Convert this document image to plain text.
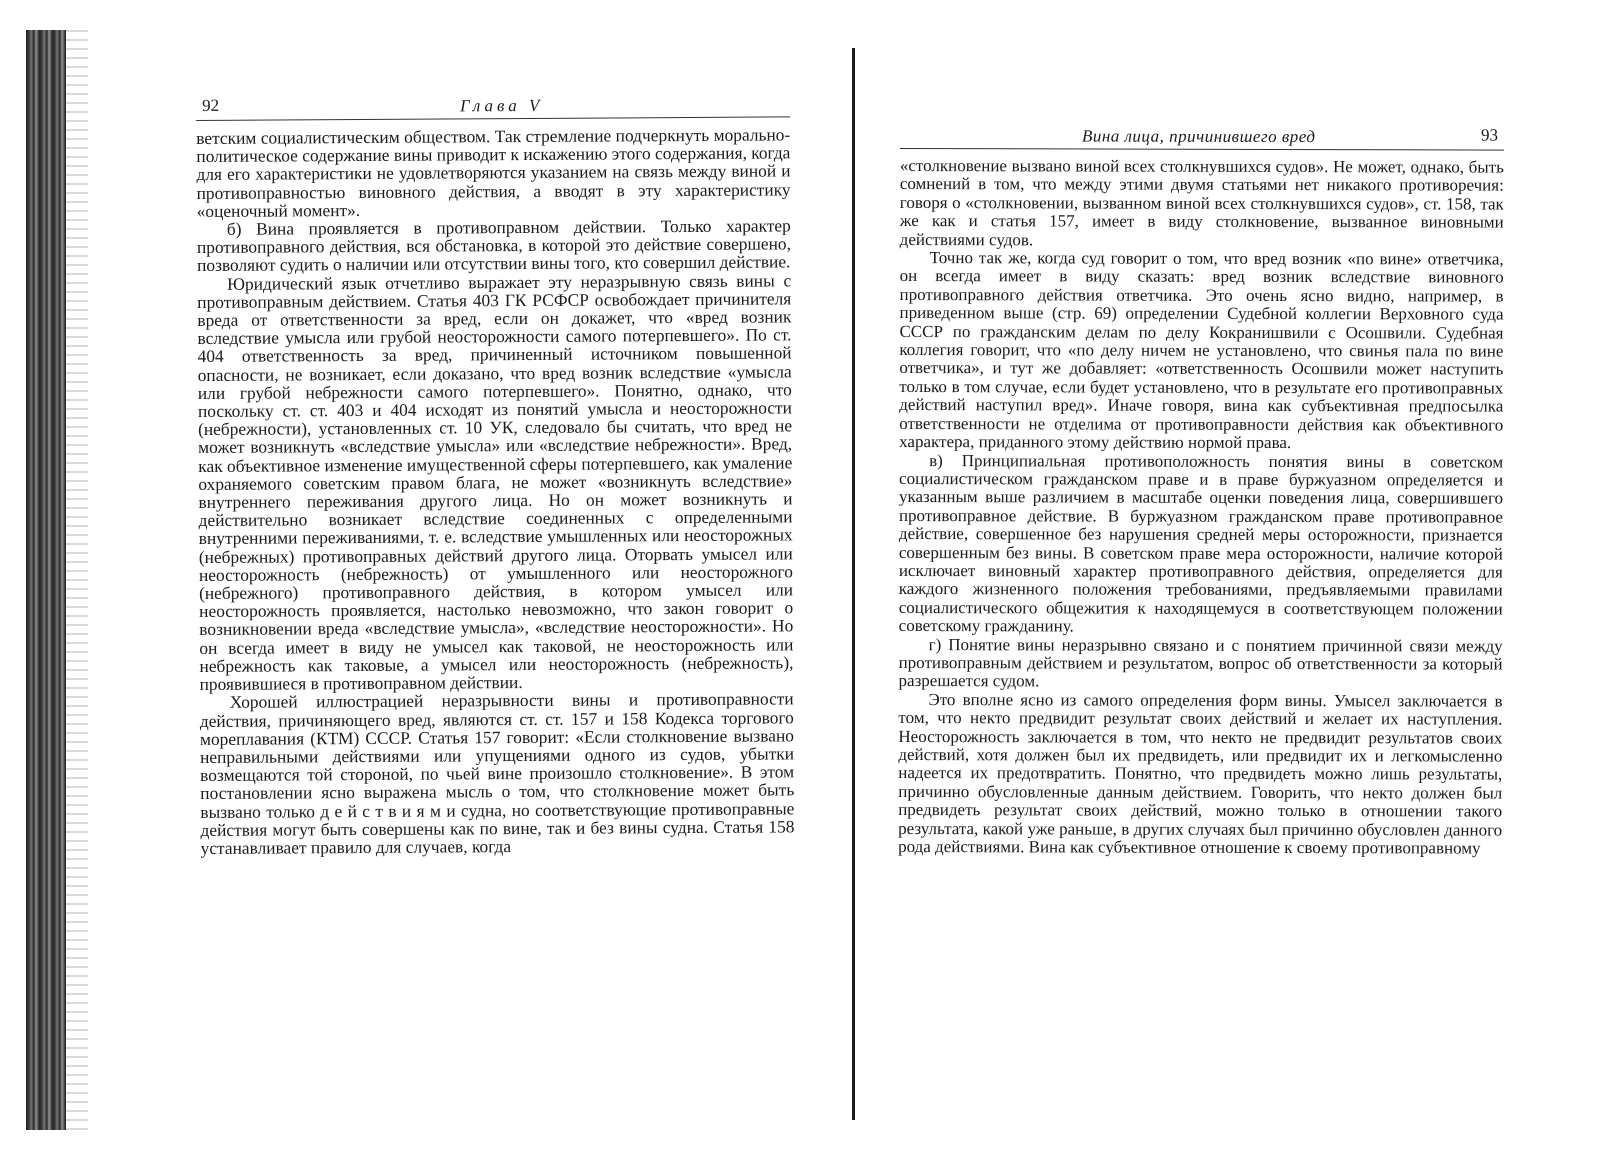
92	Глава V

ветским социалистическим обществом. Так стремление подчеркнуть морально-политическое содержание вины приводит к искажению этого содержания, когда для его характеристики не удовлетворяются указанием на связь между виной и противоправностью виновного действия, а вводят в эту характеристику «оценочный момент».

б) Вина проявляется в противоправном действии. Только характер противоправного действия, вся обстановка, в которой это действие совершено, позволяют судить о наличии или отсутствии вины того, кто совершил действие.

Юридический язык отчетливо выражает эту неразрывную связь вины с противоправным действием. Статья 403 ГК РСФСР освобождает причинителя вреда от ответственности за вред, если он докажет, что «вред возник вследствие умысла или грубой неосторожности самого потерпевшего». По ст. 404 ответственность за вред, причиненный источником повышенной опасности, не возникает, если доказано, что вред возник вследствие «умысла или грубой небрежности самого потерпевшего». Понятно, однако, что поскольку ст. ст. 403 и 404 исходят из понятий умысла и неосторожности (небрежности), установленных ст. 10 УК, следовало бы считать, что вред не может возникнуть «вследствие умысла» или «вследствие небрежности». Вред, как объективное изменение имущественной сферы потерпевшего, как умаление охраняемого советским правом блага, не может «возникнуть вследствие» внутреннего переживания другого лица. Но он может возникнуть и действительно возникает вследствие соединенных с определенными внутренними переживаниями, т. е. вследствие умышленных или неосторожных (небрежных) противоправных действий другого лица. Оторвать умысел или неосторожность (небрежность) от умышленного или неосторожного (небрежного) противоправного действия, в котором умысел или неосторожность проявляется, настолько невозможно, что закон говорит о возникновении вреда «вследствие умысла», «вследствие неосторожности». Но он всегда имеет в виду не умысел как таковой, не неосторожность или небрежность как таковые, а умысел или неосторожность (небрежность), проявившиеся в противоправном действии.

Хорошей иллюстрацией неразрывности вины и противоправности действия, причиняющего вред, являются ст. ст. 157 и 158 Кодекса торгового мореплавания (КТМ) СССР. Статья 157 говорит: «Если столкновение вызвано неправильными действиями или упущениями одного из судов, убытки возмещаются той стороной, по чьей вине произошло столкновение». В этом постановлении ясно выражена мысль о том, что столкновение может быть вызвано только д е й с т в и я м и судна, но соответствующие противоправные действия могут быть совершены как по вине, так и без вины судна. Статья 158 устанавливает правило для случаев, когда

Вина лица, причинившего вред	93

«столкновение вызвано виной всех столкнувшихся судов». Не может, однако, быть сомнений в том, что между этими двумя статьями нет никакого противоречия: говоря о «столкновении, вызванном виной всех столкнувшихся судов», ст. 158, так же как и статья 157, имеет в виду столкновение, вызванное виновными действиями судов.

Точно так же, когда суд говорит о том, что вред возник «по вине» ответчика, он всегда имеет в виду сказать: вред возник вследствие виновного противоправного действия ответчика. Это очень ясно видно, например, в приведенном выше (стр. 69) определении Судебной коллегии Верховного суда СССР по гражданским делам по делу Кокранишвили с Осошвили. Судебная коллегия говорит, что «по делу ничем не установлено, что свинья пала по вине ответчика», и тут же добавляет: «ответственность Осошвили может наступить только в том случае, если будет установлено, что в результате его противоправных действий наступил вред». Иначе говоря, вина как субъективная предпосылка ответственности не отделима от противоправности действия как объективного характера, приданного этому действию нормой права.

в) Принципиальная противоположность понятия вины в советском социалистическом гражданском праве и в праве буржуазном определяется и указанным выше различием в масштабе оценки поведения лица, совершившего противоправное действие. В буржуазном гражданском праве противоправное действие, совершенное без нарушения средней меры осторожности, признается совершенным без вины. В советском праве мера осторожности, наличие которой исключает виновный характер противоправного действия, определяется для каждого жизненного положения требованиями, предъявляемыми правилами социалистического общежития к находящемуся в соответствующем положении советскому гражданину.

г) Понятие вины неразрывно связано и с понятием причинной связи между противоправным действием и результатом, вопрос об ответственности за который разрешается судом.

Это вполне ясно из самого определения форм вины. Умысел заключается в том, что некто предвидит результат своих действий и желает их наступления. Неосторожность заключается в том, что некто не предвидит результатов своих действий, хотя должен был их предвидеть, или предвидит их и легкомысленно надеется их предотвратить. Понятно, что предвидеть можно лишь результаты, причинно обусловленные данным действием. Говорить, что некто должен был предвидеть результат своих действий, можно только в отношении такого результата, какой уже раньше, в других случаях был причинно обусловлен данного рода действиями. Вина как субъективное отношение к своему противоправному
